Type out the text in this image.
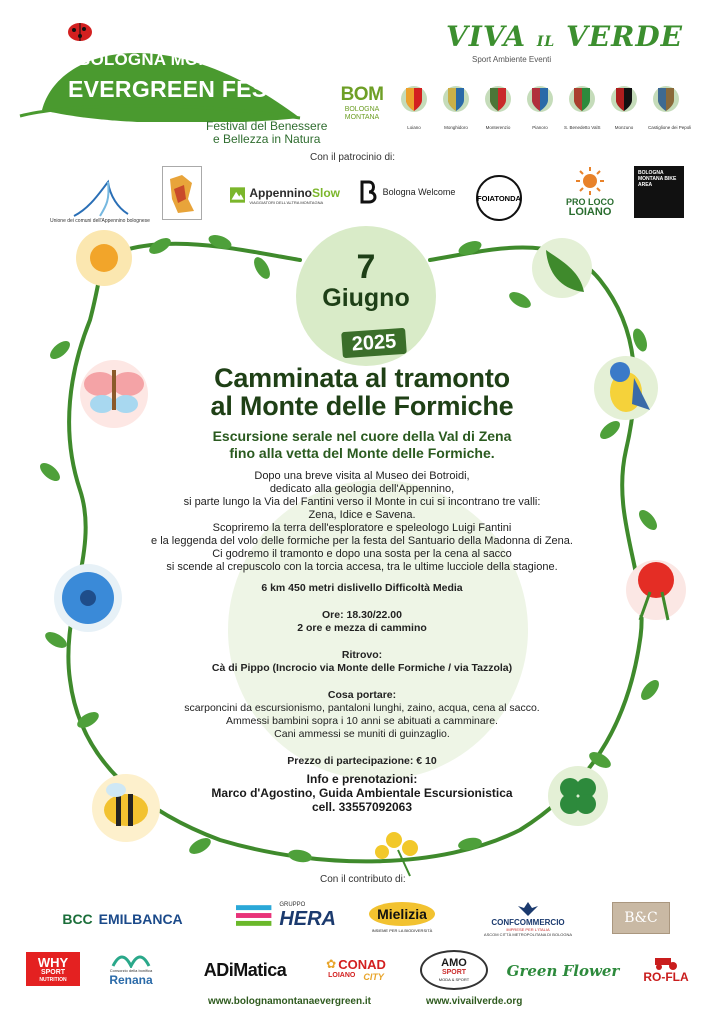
BOLOGNA MONTANA
EVERGREEN FEST
Festival del Benessere
e Bellezza in Natura
VIVA IL VERDE
Sport Ambiente Eventi
BOM
BOLOGNA
MONTANA
Loiano	Monghidoro	Monterenzio	Pianoro	S. Benedetto ValS	Monzuno	Castiglione dei Pepoli
Con il patrocinio di:
Unione dei comuni dell'Appennino bolognese
AppenninoSlow
VIAGGIATORI DELL'ALTRA MONTAGNA
Bologna Welcome
FOIATONDA	PRO LOCO
LOIANO
BOLOGNA MONTANA BIKE AREA
7
Giugno
2025
Camminata al tramonto
al Monte delle Formiche
Escursione serale nel cuore della Val di Zena
fino alla vetta del Monte delle Formiche.
Dopo una breve visita al Museo dei Botroidi,
dedicato alla geologia dell'Appennino,
si parte lungo la Via del Fantini verso il Monte in cui si incontrano tre valli:
Zena, Idice e Savena.
Scopriremo la terra dell'esploratore e speleologo Luigi Fantini
e la leggenda del volo delle formiche per la festa del Santuario della Madonna di Zena.
Ci godremo il tramonto e dopo una sosta per la cena al sacco
si scende al crepuscolo con la torcia accesa, tra le ultime lucciole della stagione.
6 km 450 metri dislivello Difficoltà Media
Ore: 18.30/22.00
2 ore e mezza di cammino
Ritrovo:
Cà di Pippo (Incrocio via Monte delle Formiche / via Tazzola)
Cosa portare:
scarponcini da escursionismo, pantaloni lunghi, zaino, acqua, cena al sacco.
Ammessi bambini sopra i 10 anni se abituati a camminare.
Cani ammessi se muniti di guinzaglio.
Prezzo di partecipazione: € 10
Info e prenotazioni:
Marco d'Agostino, Guida Ambientale Escursionistica
cell. 33557092063
Con il contributo di:
BCC EMILBANCA
GRUPPO
HERA	Mielizia
INSIEME PER LA BIODIVERSITÀ
CONFCOMMERCIO
IMPRESE PER L'ITALIA
ASCOM CITTÀ METROPOLITANA DI BOLOGNA
B&C
WHY
SPORT
NUTRITION
Consorzio della bonifica
Renana	ADiMatica	✿ CONAD
LOIANO CITY
AMO
SPORT
MODA & SPORT Green Flower RO-FLA
www.bolognamontanaevergreen.it	www.vivailverde.org
